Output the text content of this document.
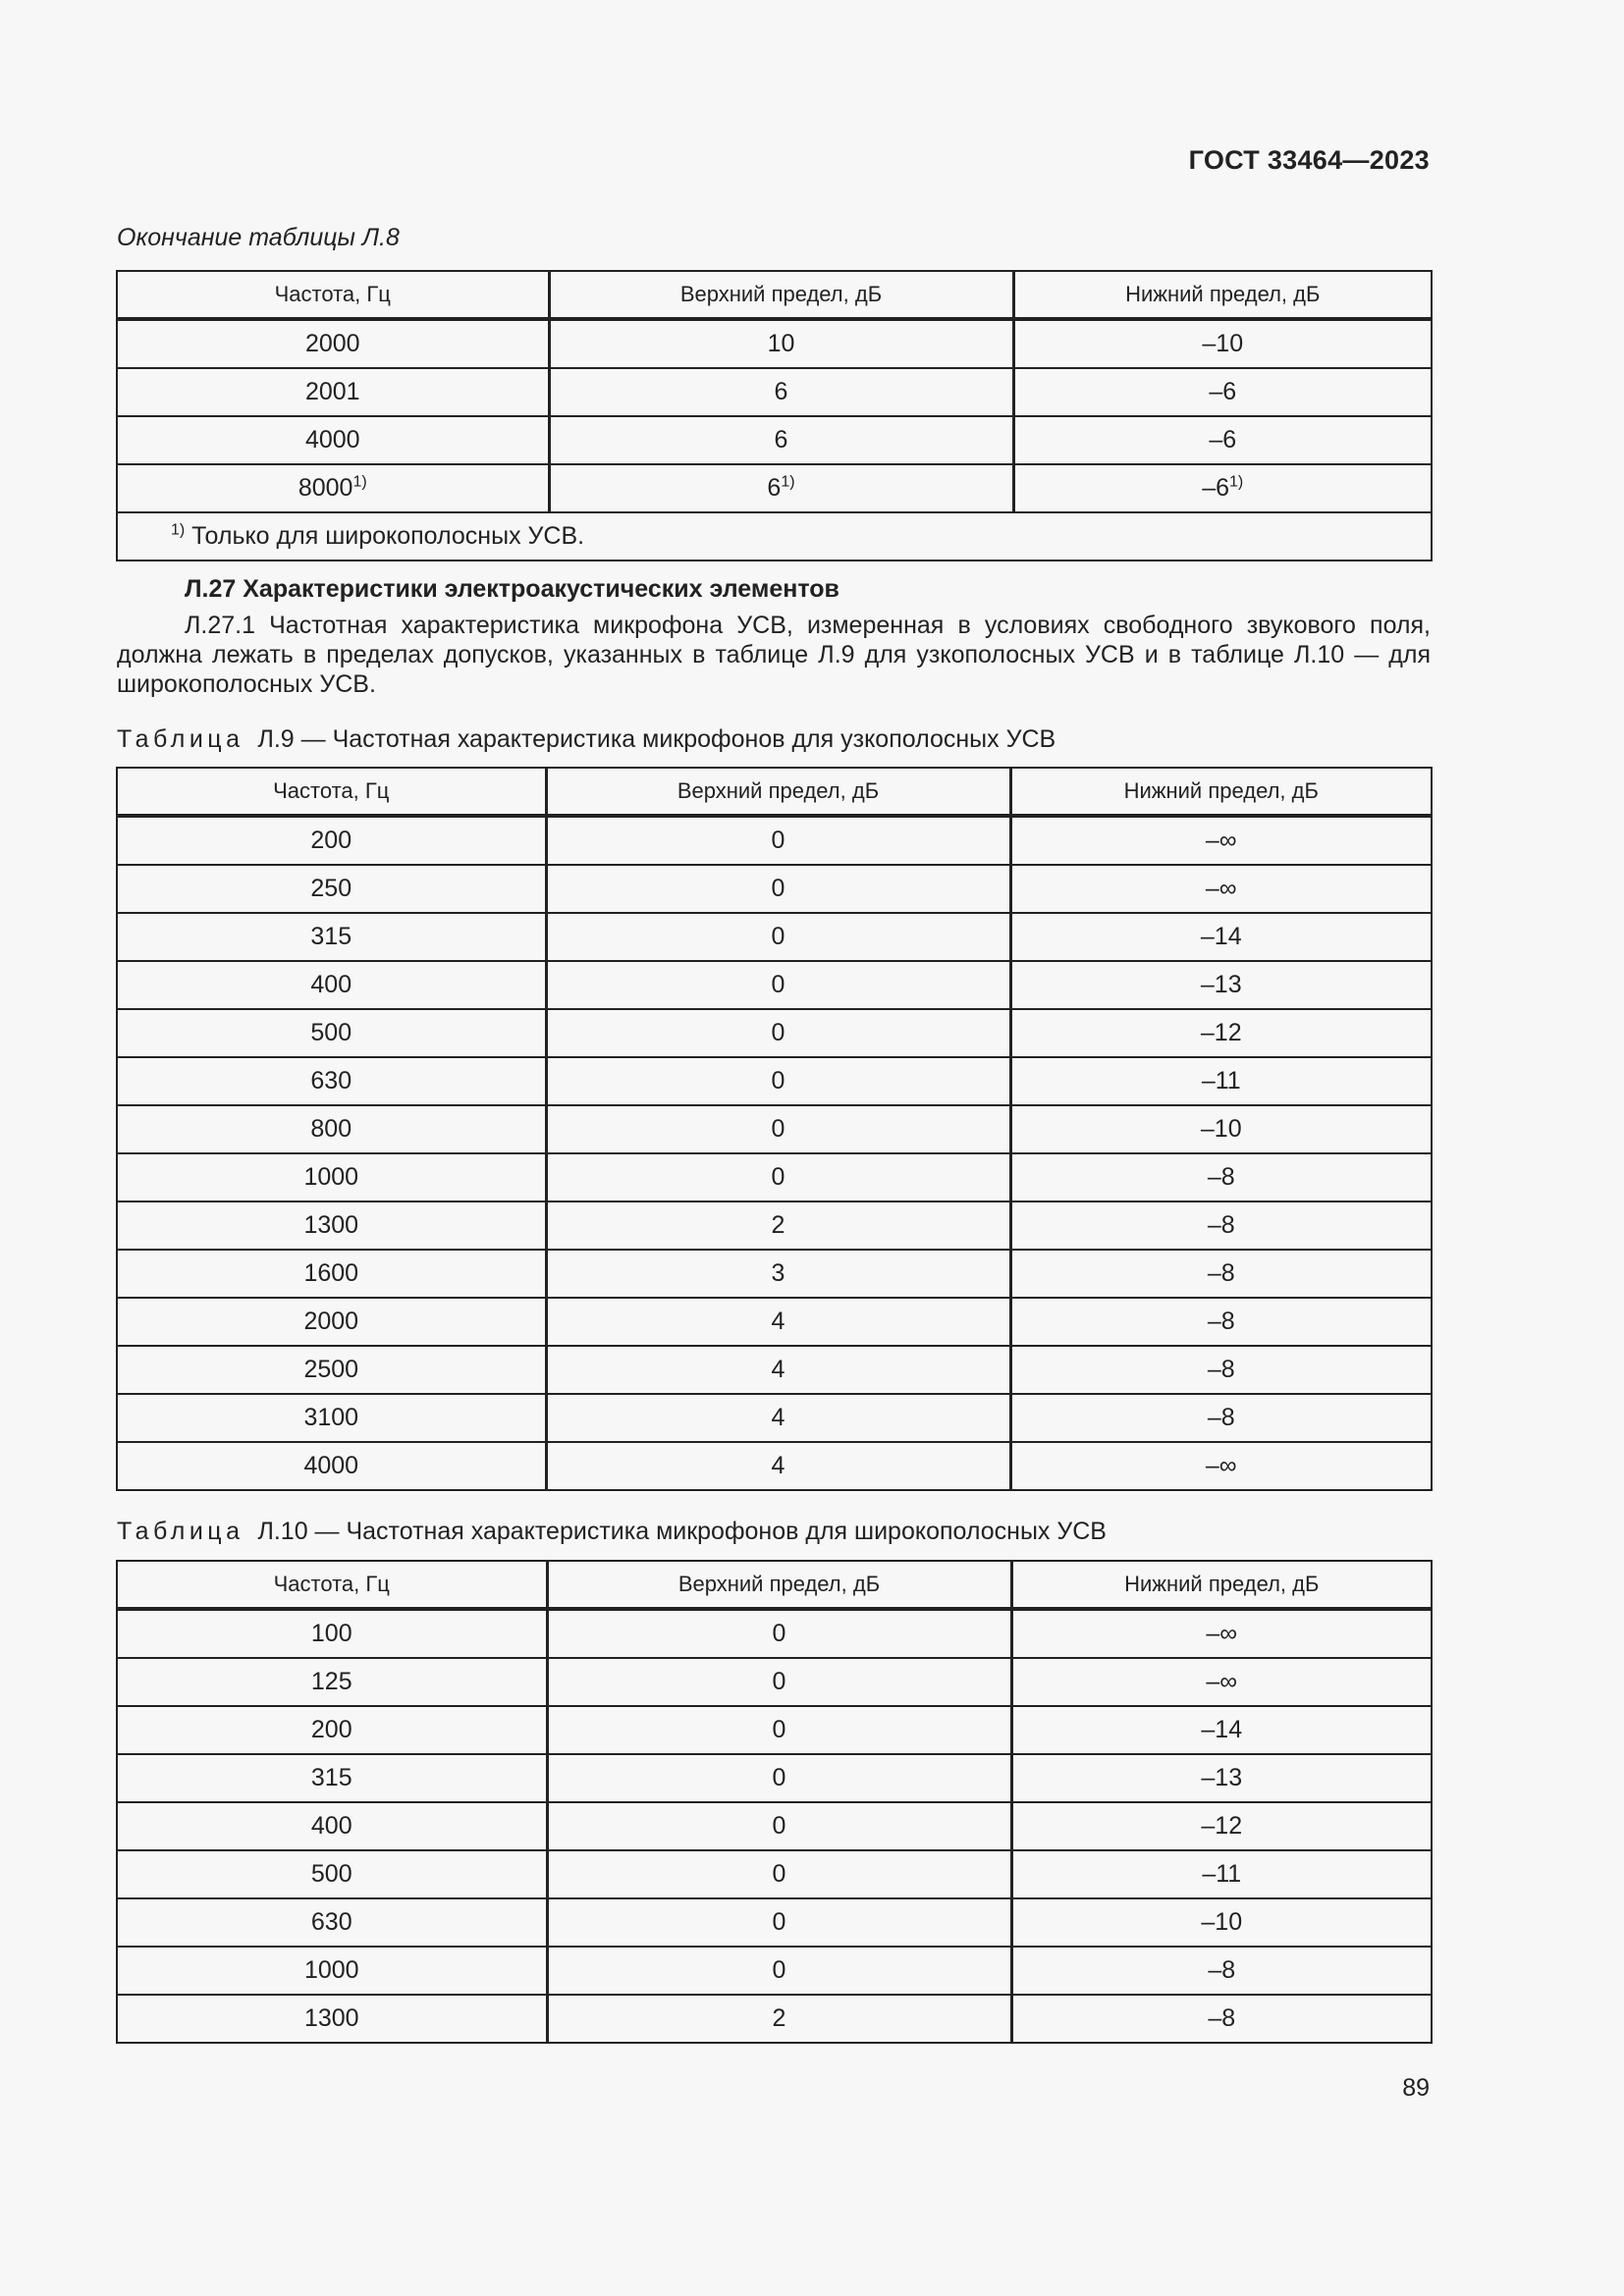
ГОСТ 33464—2023
Окончание таблицы Л.8
Частота, Гц	Верхний предел, дБ	Нижний предел, дБ
2000	10	–10
2001	6	–6
4000	6	–6
8000$^{1)}$	6$^{1)}$	–6$^{1)}$
$^{1)}$ Только для широкополосных УСВ.		
Л.27 Характеристики электроакустических элементов
Л.27.1 Частотная характеристика микрофона УСВ, измеренная в условиях свободного звукового поля, должна лежать в пределах допусков, указанных в таблице Л.9 для узкополосных УСВ и в таблице Л.10 — для широкополосных УСВ.
Таблица Л.9 — Частотная характеристика микрофонов для узкополосных УСВ
Частота, Гц	Верхний предел, дБ	Нижний предел, дБ
200	0	–∞
250	0	–∞
315	0	–14
400	0	–13
500	0	–12
630	0	–11
800	0	–10
1000	0	–8
1300	2	–8
1600	3	–8
2000	4	–8
2500	4	–8
3100	4	–8
4000	4	–∞
Таблица Л.10 — Частотная характеристика микрофонов для широкополосных УСВ
Частота, Гц	Верхний предел, дБ	Нижний предел, дБ
100	0	–∞
125	0	–∞
200	0	–14
315	0	–13
400	0	–12
500	0	–11
630	0	–10
1000	0	–8
1300	2	–8
89
